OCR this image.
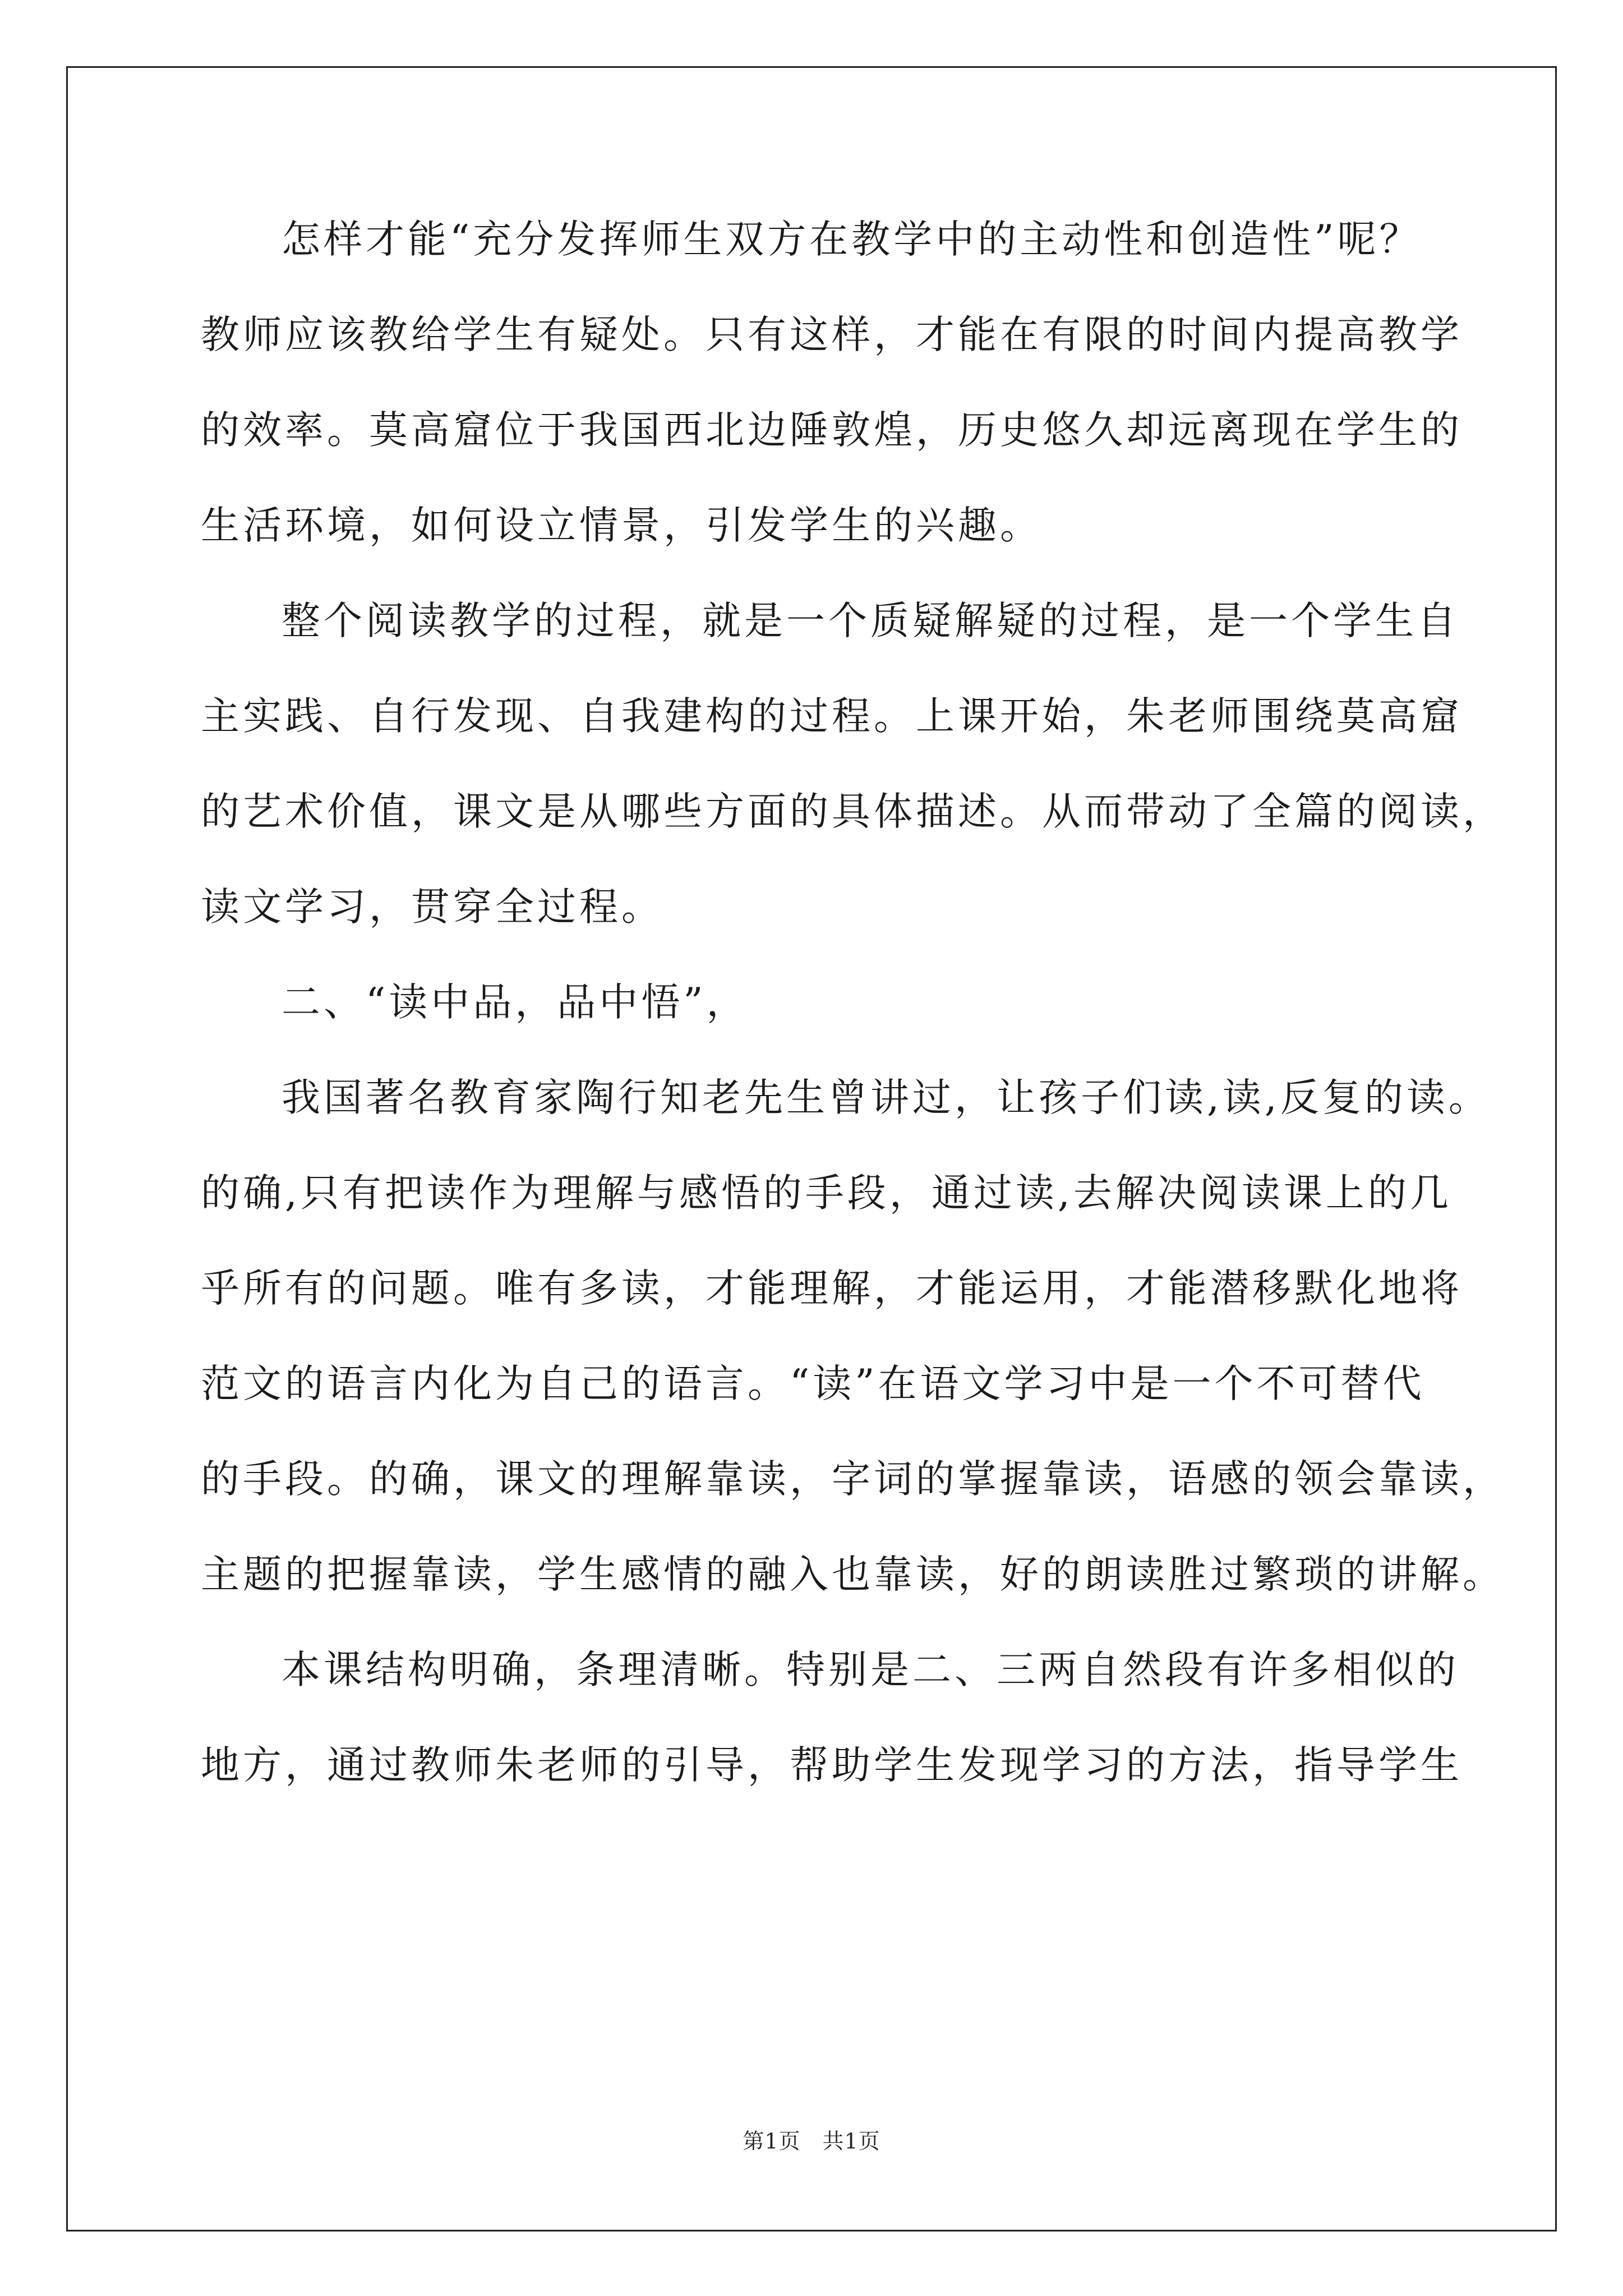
怎样才能“充分发挥师生双方在教学中的主动性和创造性”呢？
教师应该教给学生有疑处。只有这样，才能在有限的时间内提高教学
的效率。莫高窟位于我国西北边陲敦煌，历史悠久却远离现在学生的
生活环境，如何设立情景，引发学生的兴趣。
整个阅读教学的过程，就是一个质疑解疑的过程，是一个学生自
主实践、自行发现、自我建构的过程。上课开始，朱老师围绕莫高窟
的艺术价值，课文是从哪些方面的具体描述。从而带动了全篇的阅读，
读文学习，贯穿全过程。
二、“读中品，品中悟”，
我国著名教育家陶行知老先生曾讲过，让孩子们读,读,反复的读。
的确,只有把读作为理解与感悟的手段，通过读,去解决阅读课上的几
乎所有的问题。唯有多读，才能理解，才能运用，才能潜移默化地将
范文的语言内化为自己的语言。“读”在语文学习中是一个不可替代
的手段。的确，课文的理解靠读，字词的掌握靠读，语感的领会靠读，
主题的把握靠读，学生感情的融入也靠读，好的朗读胜过繁琐的讲解。
本课结构明确，条理清晰。特别是二、三两自然段有许多相似的
地方，通过教师朱老师的引导，帮助学生发现学习的方法，指导学生
第1页　共1页
